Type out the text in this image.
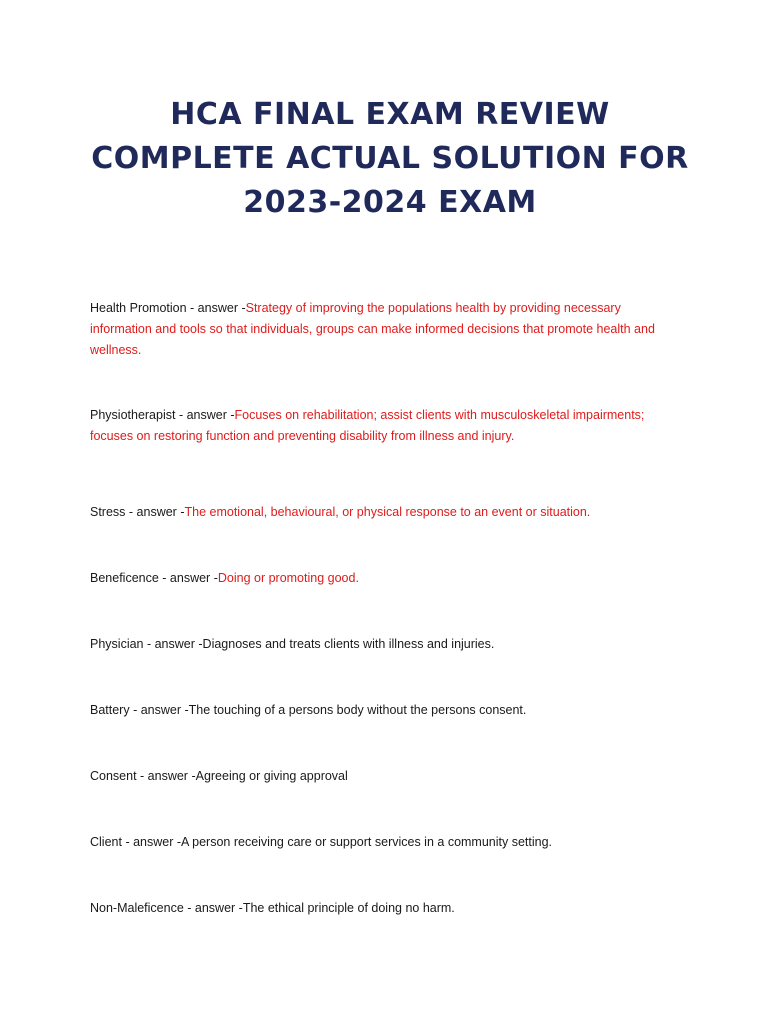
HCA FINAL EXAM REVIEW COMPLETE ACTUAL SOLUTION FOR 2023-2024 EXAM

Health Promotion - answer -Strategy of improving the populations health by providing necessary information and tools so that individuals, groups can make informed decisions that promote health and wellness.

Physiotherapist - answer -Focuses on rehabilitation; assist clients with musculoskeletal impairments; focuses on restoring function and preventing disability from illness and injury.

Stress - answer -The emotional, behavioural, or physical response to an event or situation.

Beneficence - answer -Doing or promoting good.

Physician - answer -Diagnoses and treats clients with illness and injuries.

Battery - answer -The touching of a persons body without the persons consent.

Consent - answer -Agreeing or giving approval

Client - answer -A person receiving care or support services in a community setting.

Non-Maleficence - answer -The ethical principle of doing no harm.
